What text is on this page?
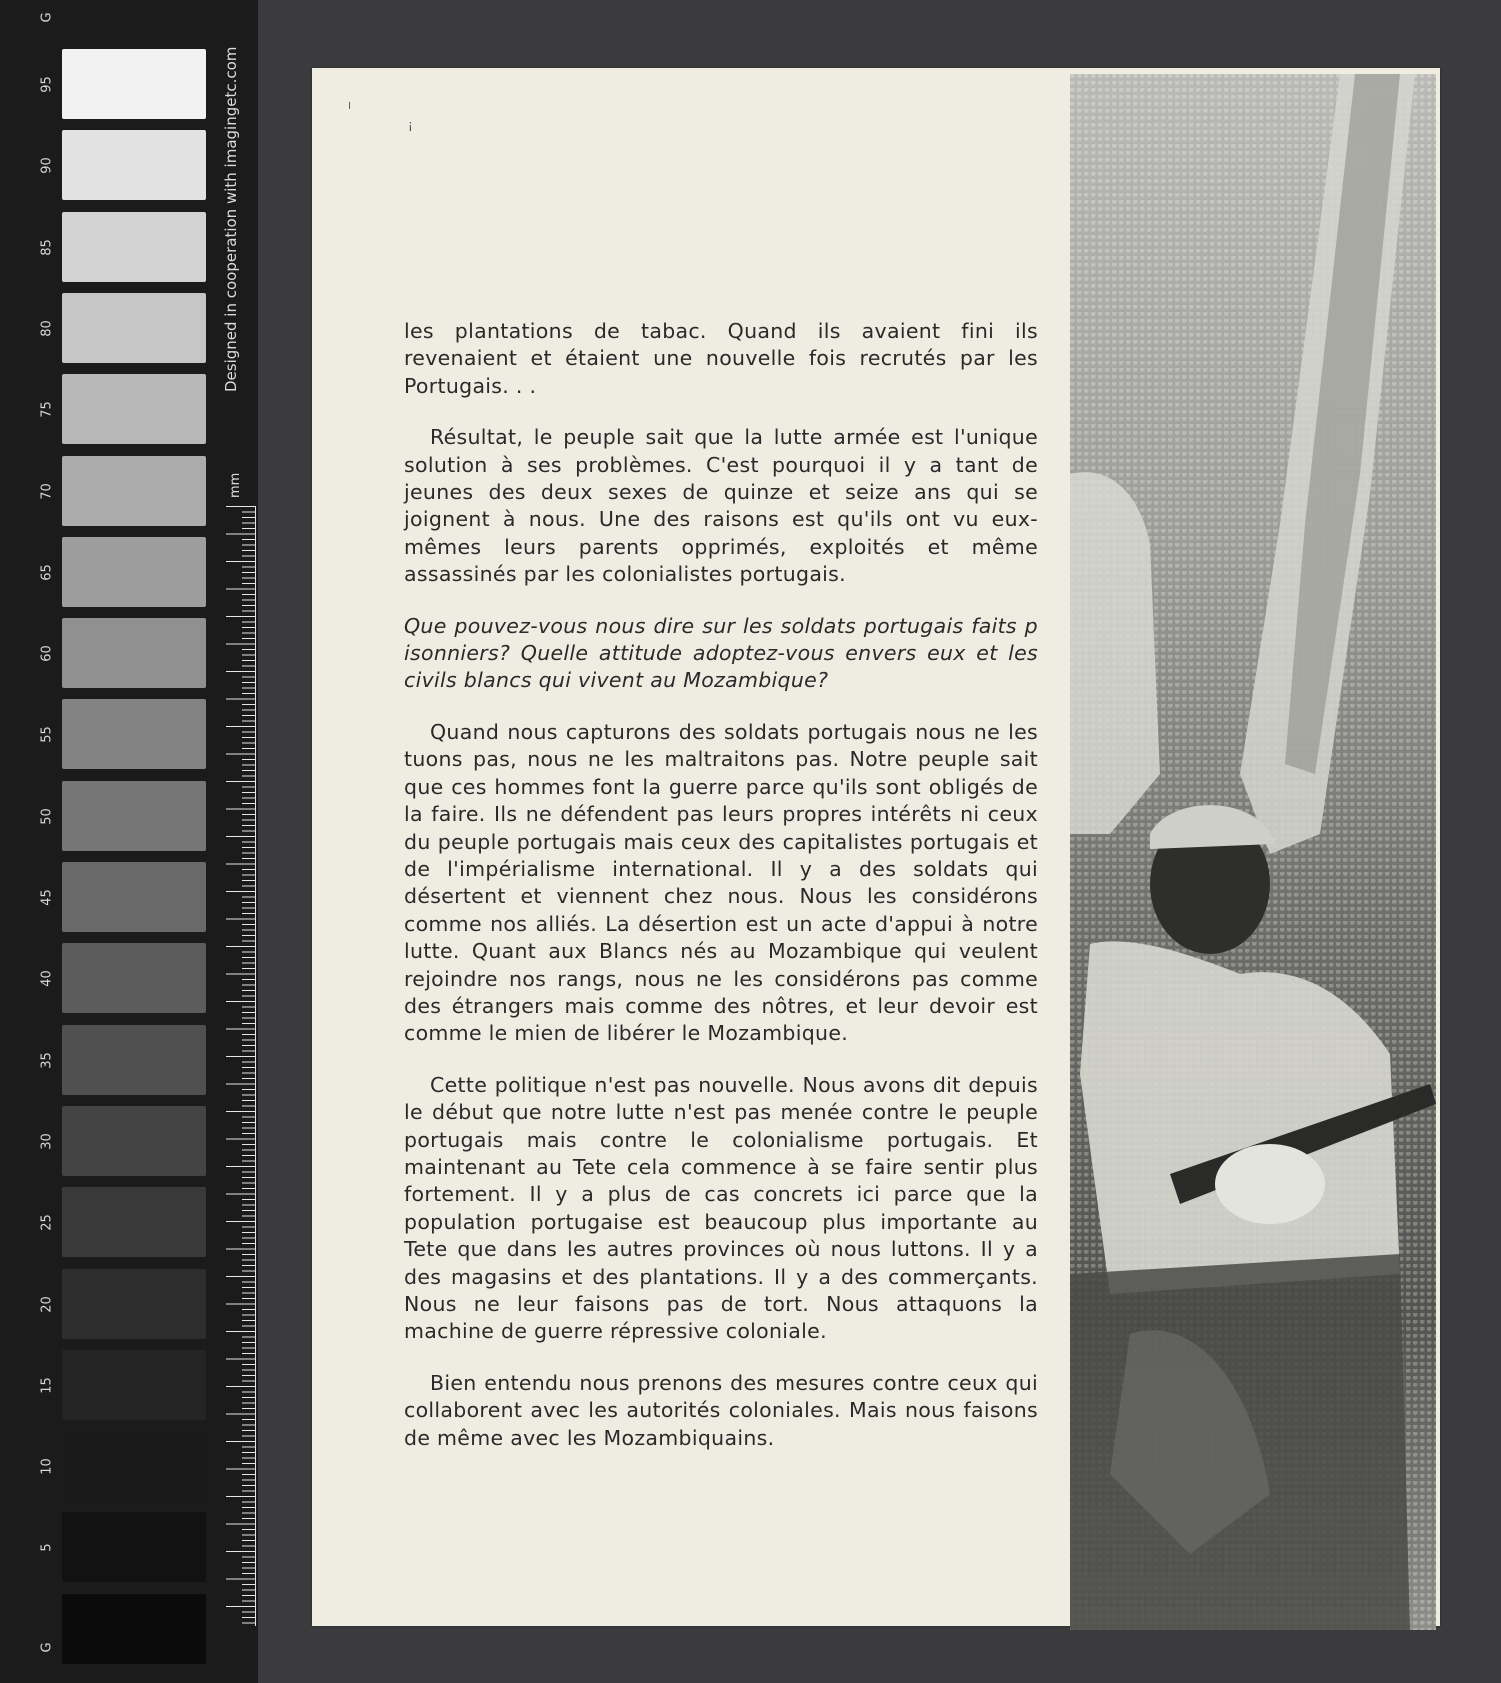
G
95
90
85
80
75
70
65
60
55
50
45
40
35
30
25
20
15
10
5
G
Designed in cooperation with imagingetc.com
mm
╵
¡

les plantations de tabac. Quand ils avaient fini ils revenaient et étaient une nouvelle fois recrutés par les Portugais. . .

Résultat, le peuple sait que la lutte armée est l'unique solution à ses problèmes. C'est pourquoi il y a tant de jeunes des deux sexes de quinze et seize ans qui se joignent à nous. Une des raisons est qu'ils ont vu eux-mêmes leurs parents opprimés, exploités et même assassinés par les colonialistes portugais.

Que pouvez-vous nous dire sur les soldats portugais faits p isonniers? Quelle attitude adoptez-vous envers eux et les civils blancs qui vivent au Mozambique?

Quand nous capturons des soldats portugais nous ne les tuons pas, nous ne les maltraitons pas. Notre peuple sait que ces hommes font la guerre parce qu'ils sont obligés de la faire. Ils ne défendent pas leurs propres intérêts ni ceux du peuple portugais mais ceux des capitalistes portugais et de l'impérialisme international. Il y a des soldats qui désertent et viennent chez nous. Nous les considérons comme nos alliés. La désertion est un acte d'appui à notre lutte. Quant aux Blancs nés au Mozambique qui veulent rejoindre nos rangs, nous ne les considérons pas comme des étrangers mais comme des nôtres, et leur devoir est comme le mien de libérer le Mozambique.

Cette politique n'est pas nouvelle. Nous avons dit depuis le début que notre lutte n'est pas menée contre le peuple portugais mais contre le colonialisme portugais. Et maintenant au Tete cela commence à se faire sentir plus fortement. Il y a plus de cas concrets ici parce que la population portugaise est beaucoup plus importante au Tete que dans les autres provinces où nous luttons. Il y a des magasins et des plantations. Il y a des commerçants. Nous ne leur faisons pas de tort. Nous attaquons la machine de guerre répressive coloniale.

Bien entendu nous prenons des mesures contre ceux qui collaborent avec les autorités coloniales. Mais nous faisons de même avec les Mozambiquains.
